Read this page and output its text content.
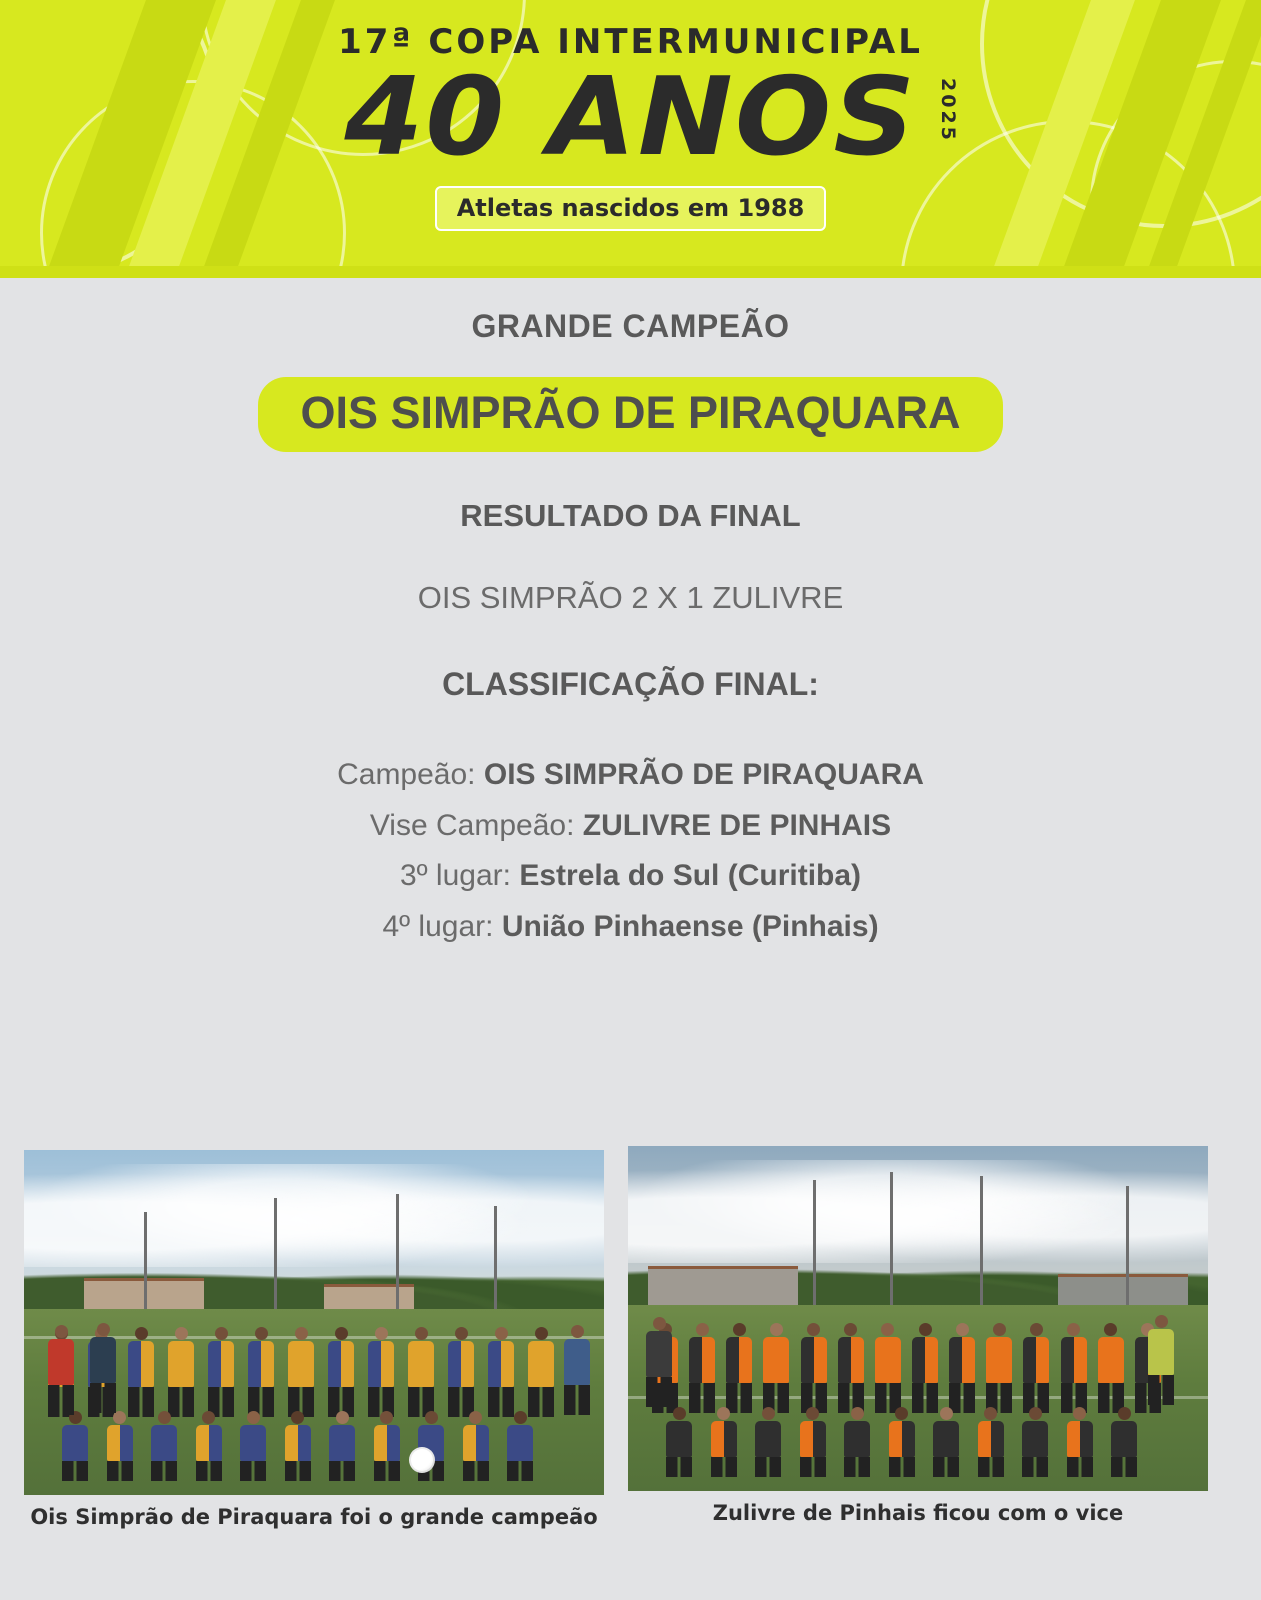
17ª COPA INTERMUNICIPAL
40 ANOS 2025
Atletas nascidos em 1988
GRANDE CAMPEÃO
OIS SIMPRÃO DE PIRAQUARA
RESULTADO DA FINAL
OIS SIMPRÃO 2 X 1 ZULIVRE
CLASSIFICAÇÃO FINAL:
Campeão: OIS SIMPRÃO DE PIRAQUARA
Vise Campeão: ZULIVRE DE PINHAIS
3º lugar: Estrela do Sul (Curitiba)
4º lugar: União Pinhaense (Pinhais)
Ois Simprão de Piraquara foi o grande campeão	Zulivre de Pinhais ficou com o vice
